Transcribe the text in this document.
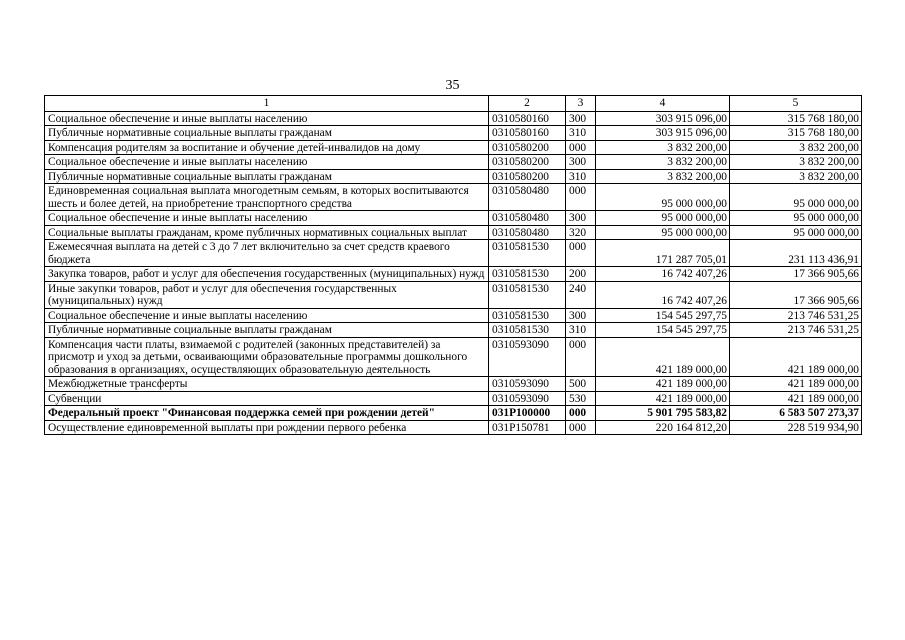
35
1	2	3	4	5
Социальное обеспечение и иные выплаты населению	0310580160	300	303 915 096,00	315 768 180,00
Публичные нормативные социальные выплаты гражданам	0310580160	310	303 915 096,00	315 768 180,00
Компенсация родителям за воспитание и обучение детей-инвалидов на дому	0310580200	000	3 832 200,00	3 832 200,00
Социальное обеспечение и иные выплаты населению	0310580200	300	3 832 200,00	3 832 200,00
Публичные нормативные социальные выплаты гражданам	0310580200	310	3 832 200,00	3 832 200,00
Единовременная социальная выплата многодетным семьям, в которых воспитываются шесть и более детей, на приобретение транспортного средства	0310580480	000	95 000 000,00	95 000 000,00
Социальное обеспечение и иные выплаты населению	0310580480	300	95 000 000,00	95 000 000,00
Социальные выплаты гражданам, кроме публичных нормативных социальных выплат	0310580480	320	95 000 000,00	95 000 000,00
Ежемесячная выплата на детей с 3 до 7 лет включительно за счет средств краевого бюджета	0310581530	000	171 287 705,01	231 113 436,91
Закупка товаров, работ и услуг для обеспечения государственных (муниципальных) нужд	0310581530	200	16 742 407,26	17 366 905,66
Иные закупки товаров, работ и услуг для обеспечения государственных (муниципальных) нужд	0310581530	240	16 742 407,26	17 366 905,66
Социальное обеспечение и иные выплаты населению	0310581530	300	154 545 297,75	213 746 531,25
Публичные нормативные социальные выплаты гражданам	0310581530	310	154 545 297,75	213 746 531,25
Компенсация части платы, взимаемой с родителей (законных представителей) за присмотр и уход за детьми, осваивающими образовательные программы дошкольного образования в организациях, осуществляющих образовательную деятельность	0310593090	000	421 189 000,00	421 189 000,00
Межбюджетные трансферты	0310593090	500	421 189 000,00	421 189 000,00
Субвенции	0310593090	530	421 189 000,00	421 189 000,00
Федеральный проект "Финансовая поддержка семей при рождении детей"	031P100000	000	5 901 795 583,82	6 583 507 273,37
Осуществление единовременной выплаты при рождении первого ребенка	031P150781	000	220 164 812,20	228 519 934,90
